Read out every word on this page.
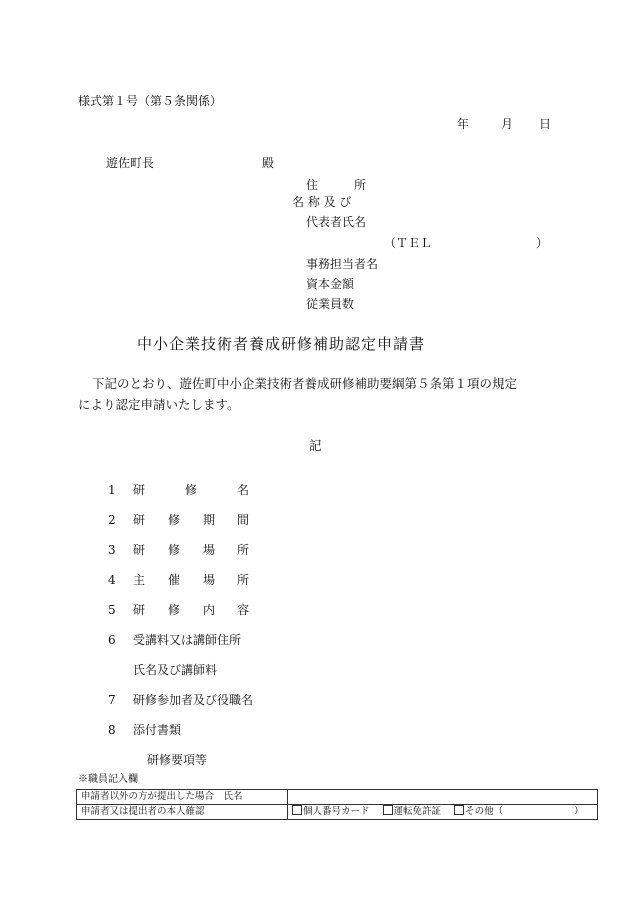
様式第１号（第５条関係）
年	月 日
遊佐町長	殿
住　　　所
名 称 及 び
代表者氏名
（ＴＥＬ	）
事務担当者名
資本金額
従業員数
中小企業技術者養成研修補助認定申請書
下記のとおり、遊佐町中小企業技術者養成研修補助要綱第５条第１項の規定
により認定申請いたします。
記
1 研	修	名
2 研 修 期 間
3 研 修 場 所
4 主 催 場 所
5 研 修 内 容
6 受講料又は講師住所
氏名及び講師料
7 研修参加者及び役職名
8 添付書類
研修要項等
※職員記入欄
申請者以外の方が提出した場合　氏名	
申請者又は提出者の本人確認	個人番号カード 運転免許証 その他（ ）
